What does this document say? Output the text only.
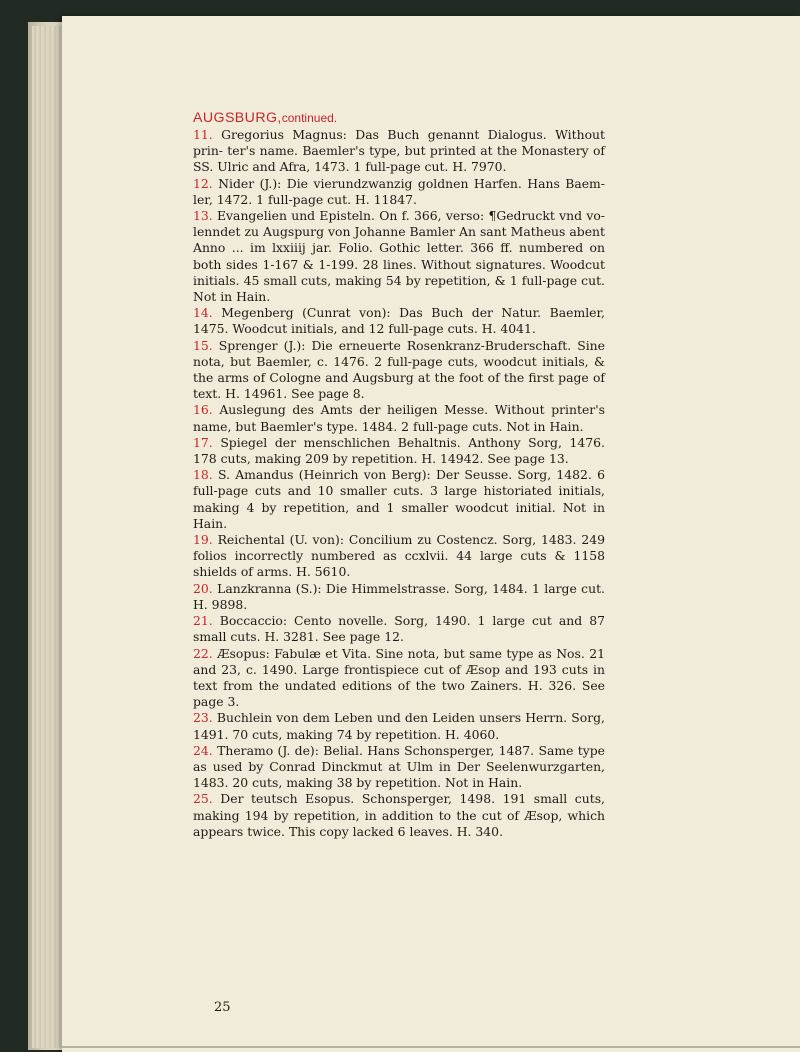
AUGSBURG,continued.

11. Gregorius Magnus: Das Buch genannt Dialogus. Without prin- ter's name. Baemler's type, but printed at the Monastery of SS. Ulric and Afra, 1473. 1 full-page cut. H. 7970.

12. Nider (J.): Die vierundzwanzig goldnen Harfen. Hans Baem- ler, 1472. 1 full-page cut. H. 11847.

13. Evangelien und Episteln. On f. 366, verso: ¶Gedruckt vnd vo- lenndet zu Augspurg von Johanne Bamler An sant Matheus abent Anno ... im lxxiiij jar. Folio. Gothic letter. 366 ff. numbered on both sides 1-167 & 1-199. 28 lines. Without signatures. Woodcut initials. 45 small cuts, making 54 by repetition, & 1 full-page cut. Not in Hain.

14. Megenberg (Cunrat von): Das Buch der Natur. Baemler, 1475. Woodcut initials, and 12 full-page cuts. H. 4041.

15. Sprenger (J.): Die erneuerte Rosenkranz-Bruderschaft. Sine nota, but Baemler, c. 1476. 2 full-page cuts, woodcut initials, & the arms of Cologne and Augsburg at the foot of the first page of text. H. 14961. See page 8.

16. Auslegung des Amts der heiligen Messe. Without printer's name, but Baemler's type. 1484. 2 full-page cuts. Not in Hain.

17. Spiegel der menschlichen Behaltnis. Anthony Sorg, 1476. 178 cuts, making 209 by repetition. H. 14942. See page 13.

18. S. Amandus (Heinrich von Berg): Der Seusse. Sorg, 1482. 6 full-page cuts and 10 smaller cuts. 3 large historiated initials, making 4 by repetition, and 1 smaller woodcut initial. Not in Hain.

19. Reichental (U. von): Concilium zu Costencz. Sorg, 1483. 249 folios incorrectly numbered as ccxlvii. 44 large cuts & 1158 shields of arms. H. 5610.

20. Lanzkranna (S.): Die Himmelstrasse. Sorg, 1484. 1 large cut. H. 9898.

21. Boccaccio: Cento novelle. Sorg, 1490. 1 large cut and 87 small cuts. H. 3281. See page 12.

22. Æsopus: Fabulæ et Vita. Sine nota, but same type as Nos. 21 and 23, c. 1490. Large frontispiece cut of Æsop and 193 cuts in text from the undated editions of the two Zainers. H. 326. See page 3.

23. Buchlein von dem Leben und den Leiden unsers Herrn. Sorg, 1491. 70 cuts, making 74 by repetition. H. 4060.

24. Theramo (J. de): Belial. Hans Schonsperger, 1487. Same type as used by Conrad Dinckmut at Ulm in Der Seelenwurzgarten, 1483. 20 cuts, making 38 by repetition. Not in Hain.

25. Der teutsch Esopus. Schonsperger, 1498. 191 small cuts, making 194 by repetition, in addition to the cut of Æsop, which appears twice. This copy lacked 6 leaves. H. 340.

25
